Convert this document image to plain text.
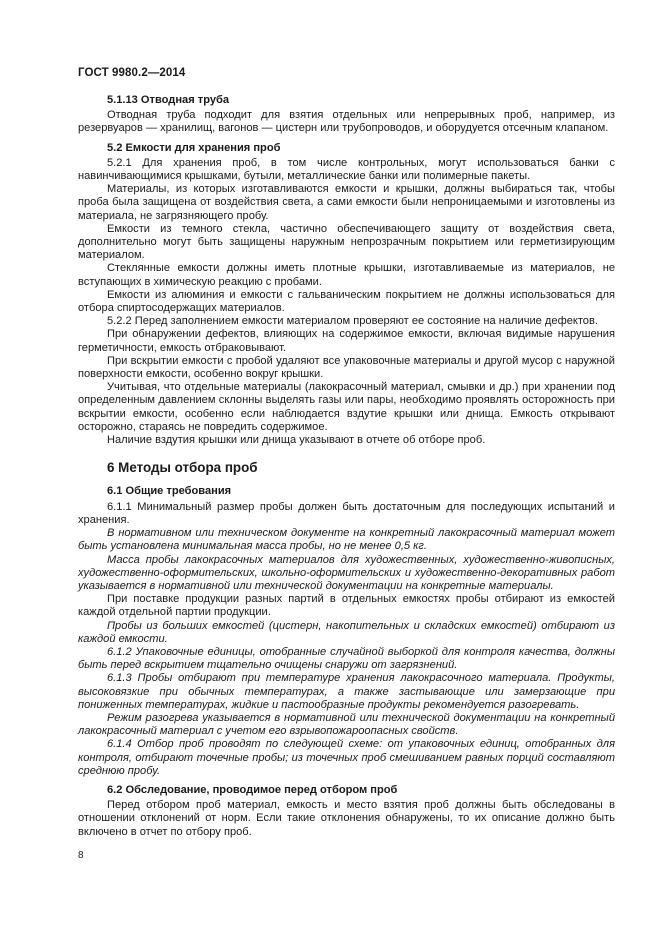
ГОСТ 9980.2—2014

5.1.13 Отводная труба

Отводная труба подходит для взятия отдельных или непрерывных проб, например, из резервуаров — хранилищ, вагонов — цистерн или трубопроводов, и оборудуется отсечным клапаном.

5.2 Емкости для хранения проб

5.2.1 Для хранения проб, в том числе контрольных, могут использоваться банки с навинчивающимися крышками, бутыли, металлические банки или полимерные пакеты.

Материалы, из которых изготавливаются емкости и крышки, должны выбираться так, чтобы проба была защищена от воздействия света, а сами емкости были непроницаемыми и изготовлены из материала, не загрязняющего пробу.

Емкости из темного стекла, частично обеспечивающего защиту от воздействия света, дополнительно могут быть защищены наружным непрозрачным покрытием или герметизирующим материалом.

Стеклянные емкости должны иметь плотные крышки, изготавливаемые из материалов, не вступающих в химическую реакцию с пробами.

Емкости из алюминия и емкости с гальваническим покрытием не должны использоваться для отбора спиртосодержащих материалов.

5.2.2 Перед заполнением емкости материалом проверяют ее состояние на наличие дефектов.

При обнаружении дефектов, влияющих на содержимое емкости, включая видимые нарушения герметичности, емкость отбраковывают.

При вскрытии емкости с пробой удаляют все упаковочные материалы и другой мусор с наружной поверхности емкости, особенно вокруг крышки.

Учитывая, что отдельные материалы (лакокрасочный материал, смывки и др.) при хранении под определенным давлением склонны выделять газы или пары, необходимо проявлять осторожность при вскрытии емкости, особенно если наблюдается вздутие крышки или днища. Емкость открывают осторожно, стараясь не повредить содержимое.

Наличие вздутия крышки или днища указывают в отчете об отборе проб.

6 Методы отбора проб

6.1 Общие требования

6.1.1 Минимальный размер пробы должен быть достаточным для последующих испытаний и хранения.

В нормативном или техническом документе на конкретный лакокрасочный материал может быть установлена минимальная масса пробы, но не менее 0,5 кг.

Масса пробы лакокрасочных материалов для художественных, художественно-живописных, художественно-оформительских, школьно-оформительских и художественно-декоративных работ указывается в нормативной или технической документации на конкретные материалы.

При поставке продукции разных партий в отдельных емкостях пробы отбирают из емкостей каждой отдельной партии продукции.

Пробы из больших емкостей (цистерн, накопительных и складских емкостей) отбирают из каждой емкости.

6.1.2 Упаковочные единицы, отобранные случайной выборкой для контроля качества, должны быть перед вскрытием тщательно очищены снаружи от загрязнений.

6.1.3 Пробы отбирают при температуре хранения лакокрасочного материала. Продукты, высоковязкие при обычных температурах, а также застывающие или замерзающие при пониженных температурах, жидкие и пастообразные продукты рекомендуется разогревать.

Режим разогрева указывается в нормативной или технической документации на конкретный лакокрасочный материал с учетом его взрывопожароопасных свойств.

6.1.4 Отбор проб проводят по следующей схеме: от упаковочных единиц, отобранных для контроля, отбирают точечные пробы; из точечных проб смешиванием равных порций составляют среднюю пробу.

6.2 Обследование, проводимое перед отбором проб

Перед отбором проб материал, емкость и место взятия проб должны быть обследованы в отношении отклонений от норм. Если такие отклонения обнаружены, то их описание должно быть включено в отчет по отбору проб.

8
